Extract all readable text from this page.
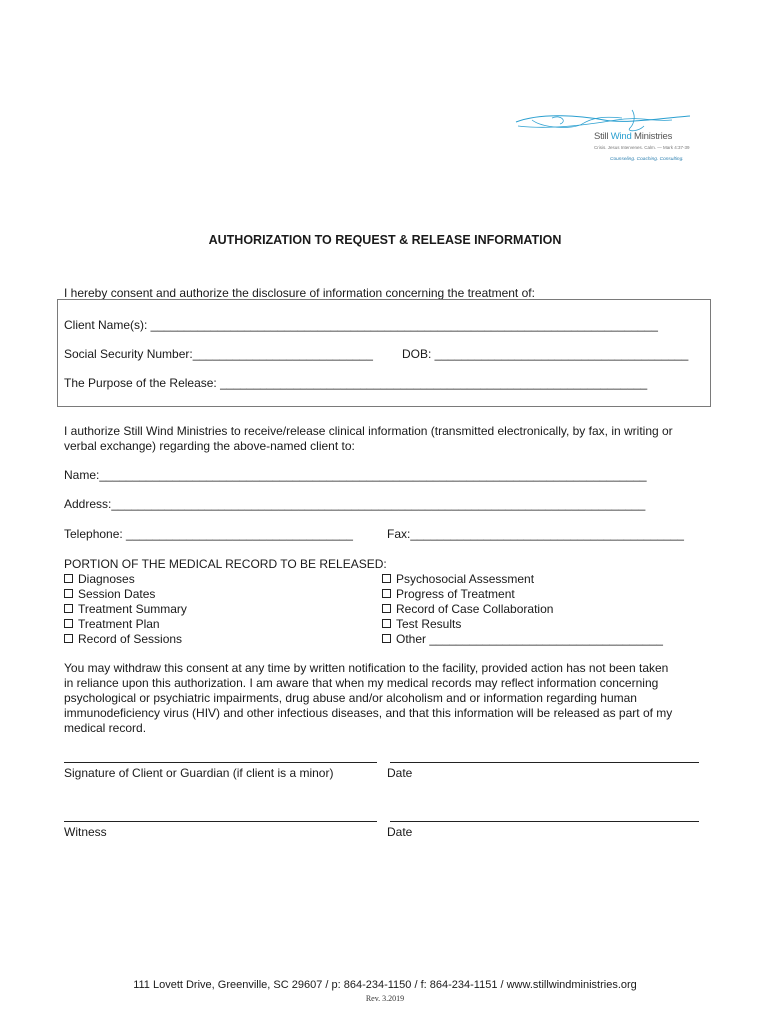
Still Wind Ministries
Crisis. Jesus Intervenes. Calm. — Mark 4:37-39
Counseling. Coaching. Consulting.
AUTHORIZATION TO REQUEST & RELEASE INFORMATION
I hereby consent and authorize the disclosure of information concerning the treatment of:
Client Name(s): ____________________________________________________________________________
Social Security Number:___________________________ DOB: ______________________________________
The Purpose of the Release: ________________________________________________________________
I authorize Still Wind Ministries to receive/release clinical information (transmitted electronically, by fax, in writing or
verbal exchange) regarding the above-named client to:
Name:__________________________________________________________________________________
Address:________________________________________________________________________________
Telephone: __________________________________	Fax:_________________________________________
PORTION OF THE MEDICAL RECORD TO BE RELEASED:
Diagnoses
Session Dates
Treatment Summary
Treatment Plan
Record of Sessions
Psychosocial Assessment
Progress of Treatment
Record of Case Collaboration
Test Results
Other ___________________________________
You may withdraw this consent at any time by written notification to the facility, provided action has not been taken
in reliance upon this authorization. I am aware that when my medical records may reflect information concerning
psychological or psychiatric impairments, drug abuse and/or alcoholism and or information regarding human
immunodeficiency virus (HIV) and other infectious diseases, and that this information will be released as part of my
medical record.
Signature of Client or Guardian (if client is a minor)	Date
Witness	Date
111 Lovett Drive, Greenville, SC 29607 / p: 864-234-1150 / f: 864-234-1151 / www.stillwindministries.org
Rev. 3.2019
